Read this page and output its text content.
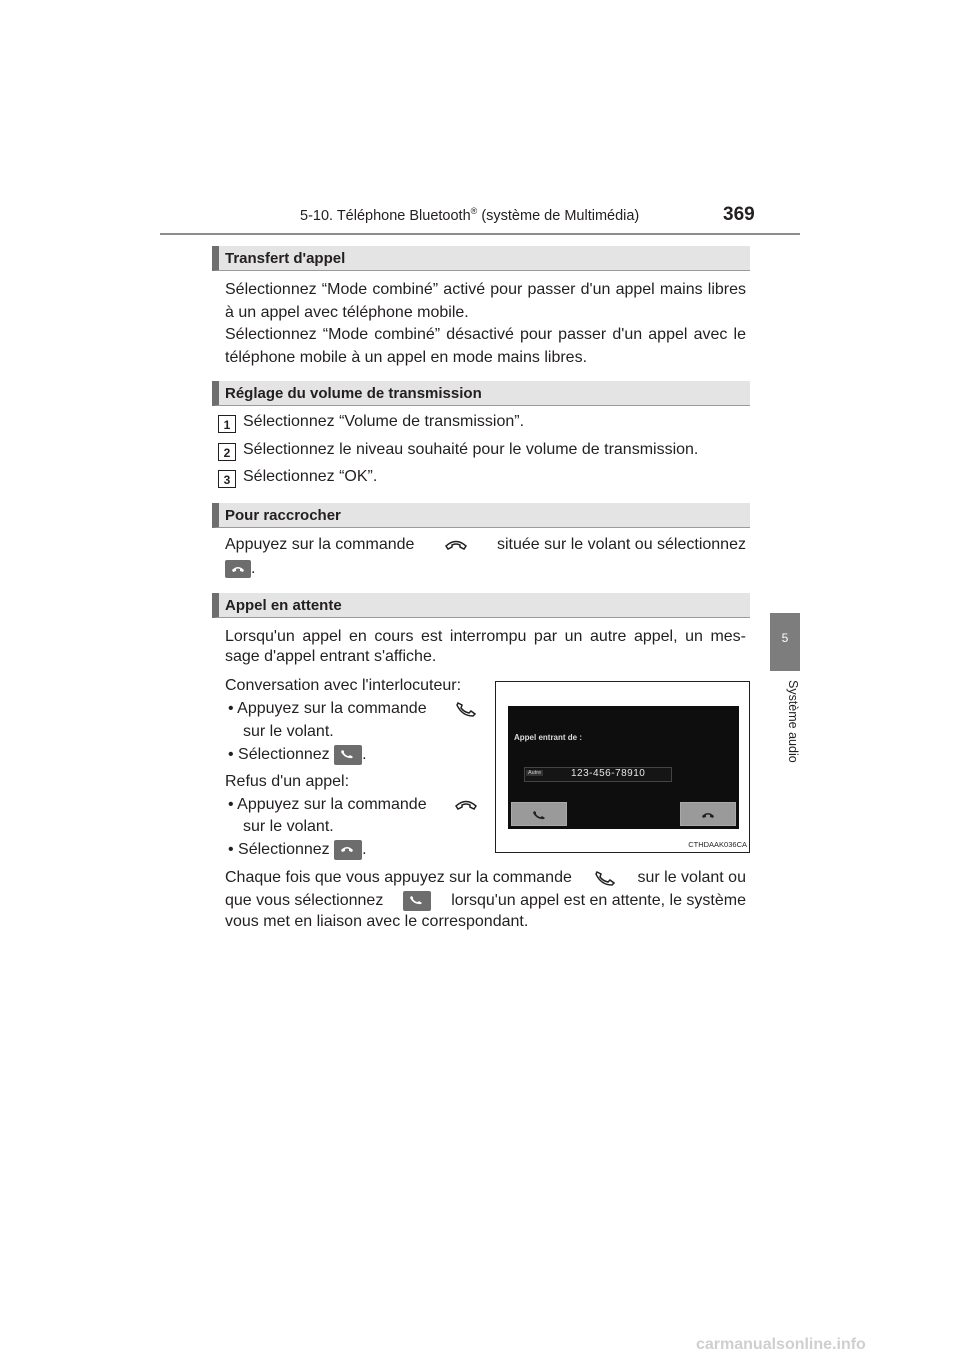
5-10. Téléphone Bluetooth® (système de Multimédia)	369
5
Système audio
Transfert d'appel
Sélectionnez “Mode combiné” activé pour passer d'un appel mains libres à un appel avec téléphone mobile.
Sélectionnez “Mode combiné” désactivé pour passer d'un appel avec le téléphone mobile à un appel en mode mains libres.
Réglage du volume de transmission
1 Sélectionnez “Volume de transmission”.
2 Sélectionnez le niveau souhaité pour le volume de transmission.
3 Sélectionnez “OK”.
Pour raccrocher
Appuyez sur la commande	située sur le volant ou sélectionnez
.
Appel en attente
Lorsqu'un appel en cours est interrompu par un autre appel, un mes-
sage d'appel entrant s'affiche.
Conversation avec l'interlocuteur:
• Appuyez sur la commande
sur le volant.
• Sélectionnez .
Refus d'un appel:
• Appuyez sur la commande
sur le volant.
• Sélectionnez .
Chaque fois que vous appuyez sur la commande	sur le volant ou
que vous sélectionnez	lorsqu'un appel est en attente, le système
vous met en liaison avec le correspondant.
Appel entrant de :
Autre	123-456-78910
CTHDAAK036CA
carmanualsonline.info
